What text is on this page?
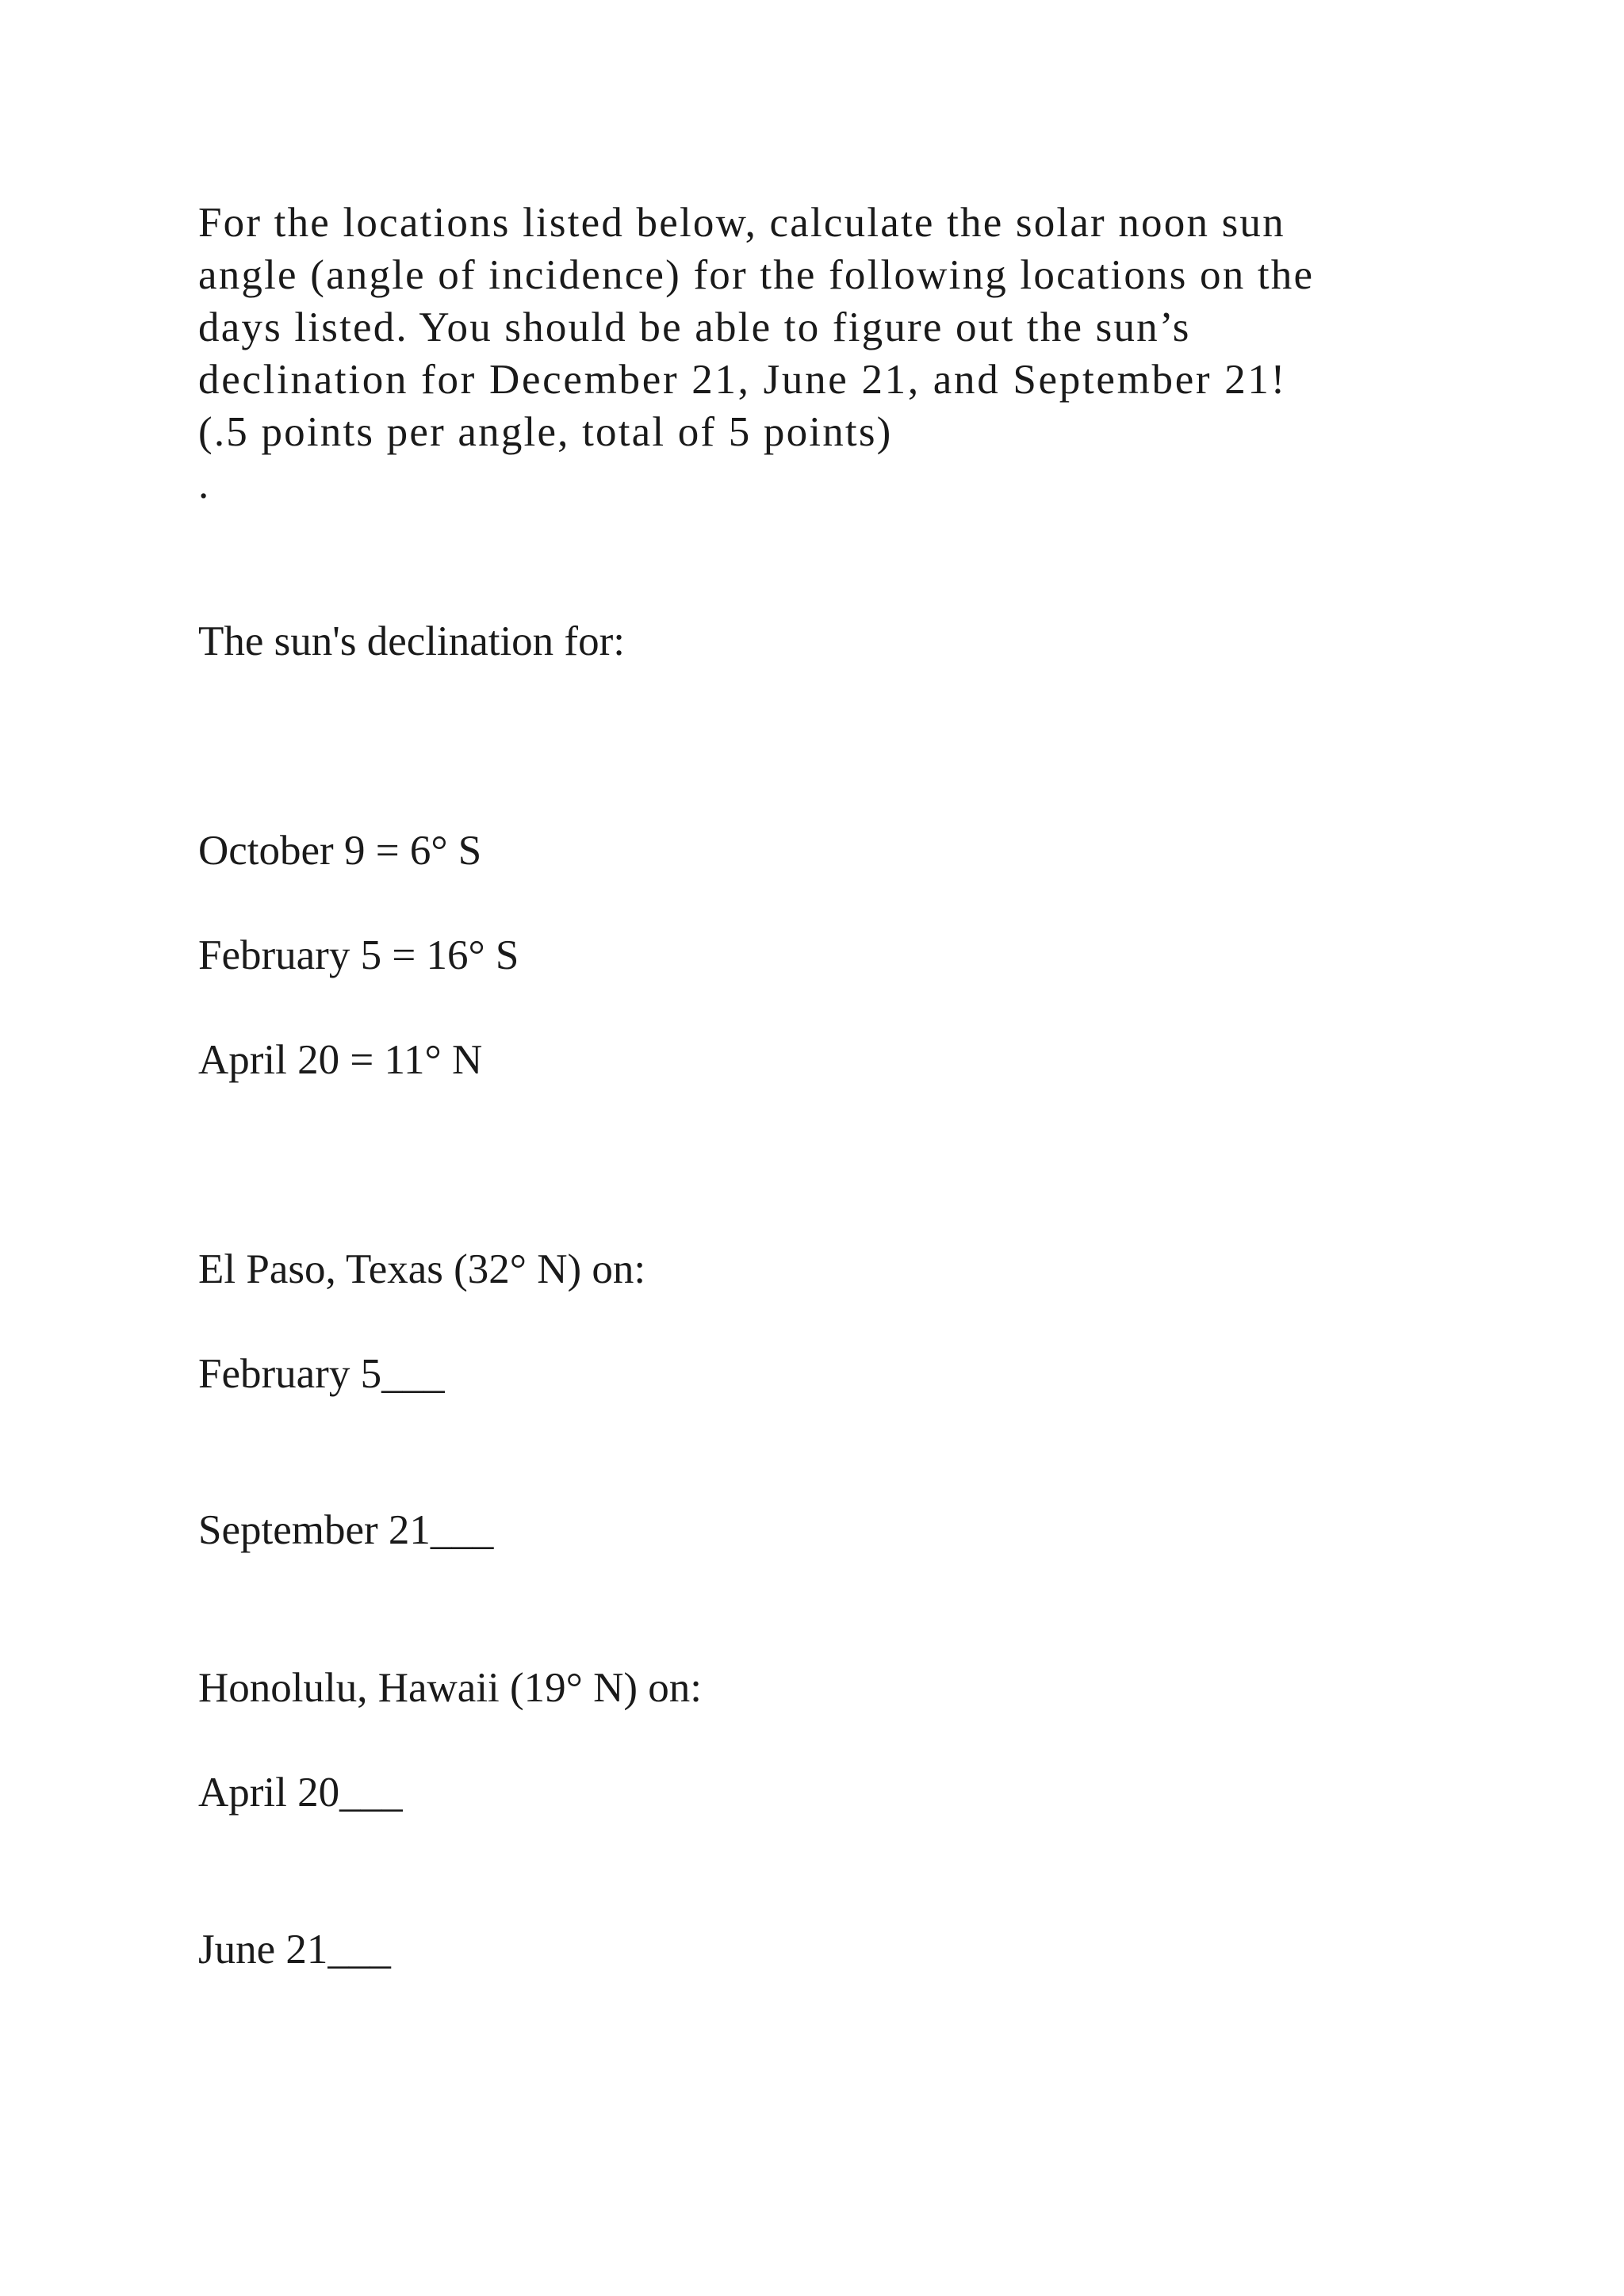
For the locations listed below, calculate the solar noon sun

angle (angle of incidence) for the following locations on the

days listed. You should be able to figure out the sun’s

declination for December 21, June 21, and September 21!

(.5 points per angle, total of 5 points)

.

The sun's declination for:

October 9 = 6° S

February 5 = 16° S

April 20 = 11° N

El Paso, Texas (32° N) on:

February 5___

September 21___

Honolulu, Hawaii (19° N) on:

April 20___

June 21___
